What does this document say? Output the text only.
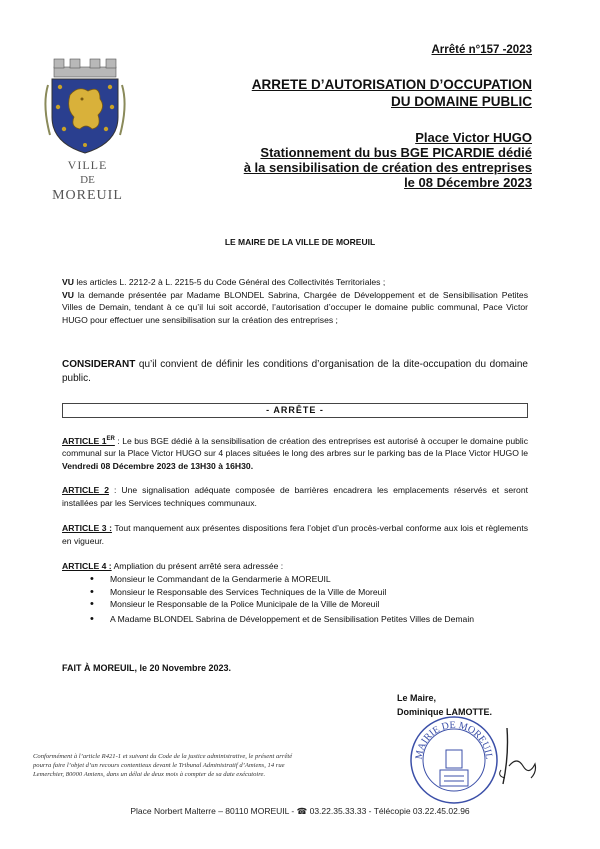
VILLE
DE
MOREUIL
Arrêté n°157 -2023
ARRETE D’AUTORISATION D’OCCUPATION
DU DOMAINE PUBLIC
Place Victor HUGO
Stationnement du bus BGE PICARDIE dédié
à la sensibilisation de création des entreprises
le 08 Décembre 2023
LE MAIRE DE LA VILLE DE MOREUIL
VU les articles L. 2212-2 à L. 2215-5 du Code Général des Collectivités Territoriales ;
VU la demande présentée par Madame BLONDEL Sabrina, Chargée de Développement et de Sensibilisation Petites Villes de Demain, tendant à ce qu’il lui soit accordé, l’autorisation d’occuper le domaine public communal, Pace Victor HUGO pour effectuer une sensibilisation sur la création des entreprises ;
CONSIDERANT qu’il convient de définir les conditions d’organisation de la dite-occupation du domaine public.
- ARRÊTE -
ARTICLE 1ER : Le bus BGE dédié à la sensibilisation de création des entreprises est autorisé à occuper le domaine public communal sur la Place Victor HUGO sur 4 places situées le long des arbres sur le parking bas de la Place Victor HUGO le Vendredi 08 Décembre 2023 de 13H30 à 16H30.
ARTICLE 2 : Une signalisation adéquate composée de barrières encadrera les emplacements réservés et seront installées par les Services techniques communaux.
ARTICLE 3 : Tout manquement aux présentes dispositions fera l’objet d’un procès-verbal conforme aux lois et règlements en vigueur.
ARTICLE 4 : Ampliation du présent arrêté sera adressée :
• Monsieur le Commandant de la Gendarmerie à MOREUIL
• Monsieur le Responsable des Services Techniques de la Ville de Moreuil
• Monsieur le Responsable de la Police Municipale de la Ville de Moreuil
• A Madame BLONDEL Sabrina de Développement et de Sensibilisation Petites Villes de Demain
FAIT À MOREUIL, le 20 Novembre 2023.
Le Maire,
Dominique LAMOTTE.
Conformément à l’article R421-1 et suivant du Code de la justice administrative, le présent arrêté pourra faire l’objet d’un recours contentieux devant le Tribunal Administratif d’Amiens, 14 rue Lemerchier, 80000 Amiens, dans un délai de deux mois à compter de sa date exécutoire.
MAIRIE DE MOREUIL
Place Norbert Malterre – 80110 MOREUIL - ☎ 03.22.35.33.33 - Télécopie 03.22.45.02.96
